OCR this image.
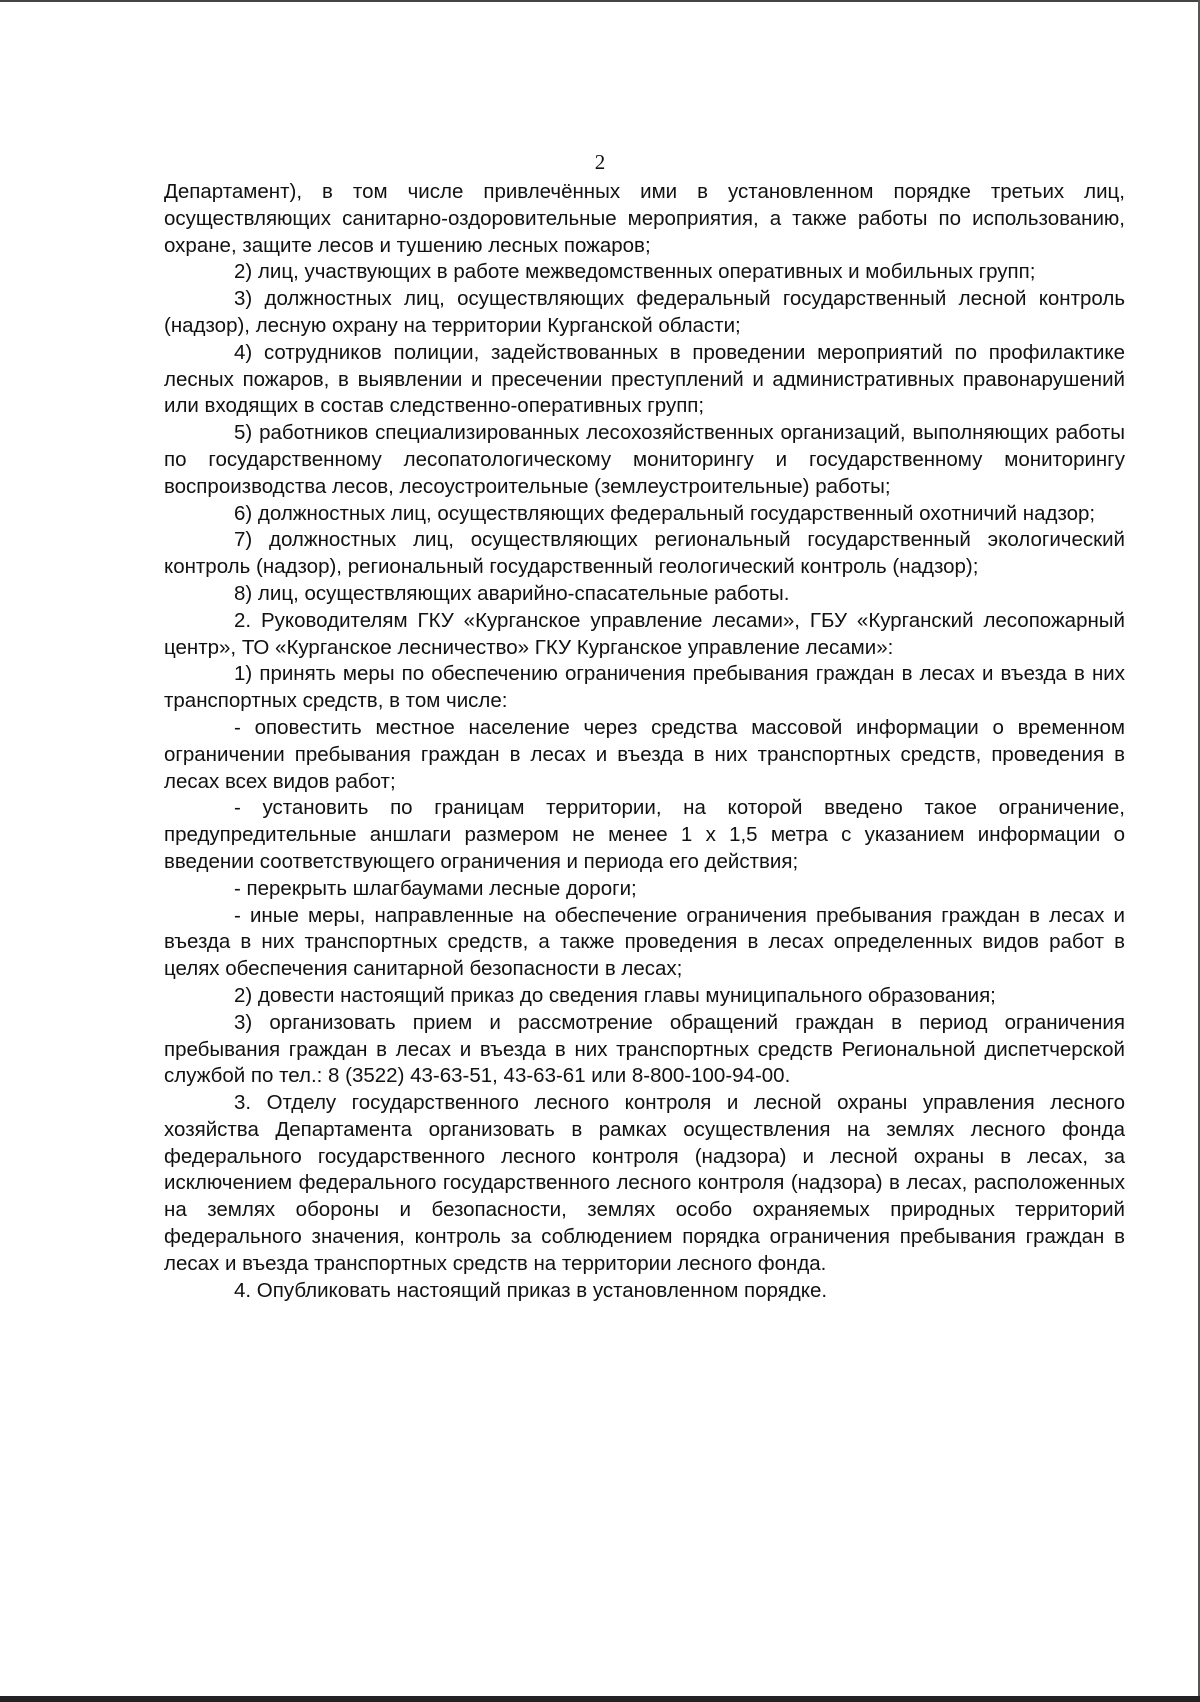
2

Департамент), в том числе привлечённых ими в установленном порядке третьих лиц, осуществляющих санитарно-оздоровительные мероприятия, а также работы по использованию, охране, защите лесов и тушению лесных пожаров;

2) лиц, участвующих в работе межведомственных оперативных и мобильных групп;

3) должностных лиц, осуществляющих федеральный государственный лесной контроль (надзор), лесную охрану на территории Курганской области;

4) сотрудников полиции, задействованных в проведении мероприятий по профилактике лесных пожаров, в выявлении и пресечении преступлений и административных правонарушений или входящих в состав следственно-оперативных групп;

5) работников специализированных лесохозяйственных организаций, выполняющих работы по государственному лесопатологическому мониторингу и государственному мониторингу воспроизводства лесов, лесоустроительные (землеустроительные) работы;

6) должностных лиц, осуществляющих федеральный государственный охотничий надзор;

7) должностных лиц, осуществляющих региональный государственный экологический контроль (надзор), региональный государственный геологический контроль (надзор);

8) лиц, осуществляющих аварийно-спасательные работы.

2. Руководителям ГКУ «Курганское управление лесами», ГБУ «Курганский лесопожарный центр», ТО «Курганское лесничество» ГКУ Курганское управление лесами»:

1) принять меры по обеспечению ограничения пребывания граждан в лесах и въезда в них транспортных средств, в том числе:

- оповестить местное население через средства массовой информации о временном ограничении пребывания граждан в лесах и въезда в них транспортных средств, проведения в лесах всех видов работ;

- установить по границам территории, на которой введено такое ограничение, предупредительные аншлаги размером не менее 1 х 1,5 метра с указанием информации о введении соответствующего ограничения и периода его действия;

- перекрыть шлагбаумами лесные дороги;

- иные меры, направленные на обеспечение ограничения пребывания граждан в лесах и въезда в них транспортных средств, а также проведения в лесах определенных видов работ в целях обеспечения санитарной безопасности в лесах;

2) довести настоящий приказ до сведения главы муниципального образования;

3) организовать прием и рассмотрение обращений граждан в период ограничения пребывания граждан в лесах и въезда в них транспортных средств Региональной диспетчерской службой по тел.: 8 (3522) 43-63-51, 43-63-61 или 8-800-100-94-00.

3. Отделу государственного лесного контроля и лесной охраны управления лесного хозяйства Департамента организовать в рамках осуществления на землях лесного фонда федерального государственного лесного контроля (надзора) и лесной охраны в лесах, за исключением федерального государственного лесного контроля (надзора) в лесах, расположенных на землях обороны и безопасности, землях особо охраняемых природных территорий федерального значения, контроль за соблюдением порядка ограничения пребывания граждан в лесах и въезда транспортных средств на территории лесного фонда.

4. Опубликовать настоящий приказ в установленном порядке.
